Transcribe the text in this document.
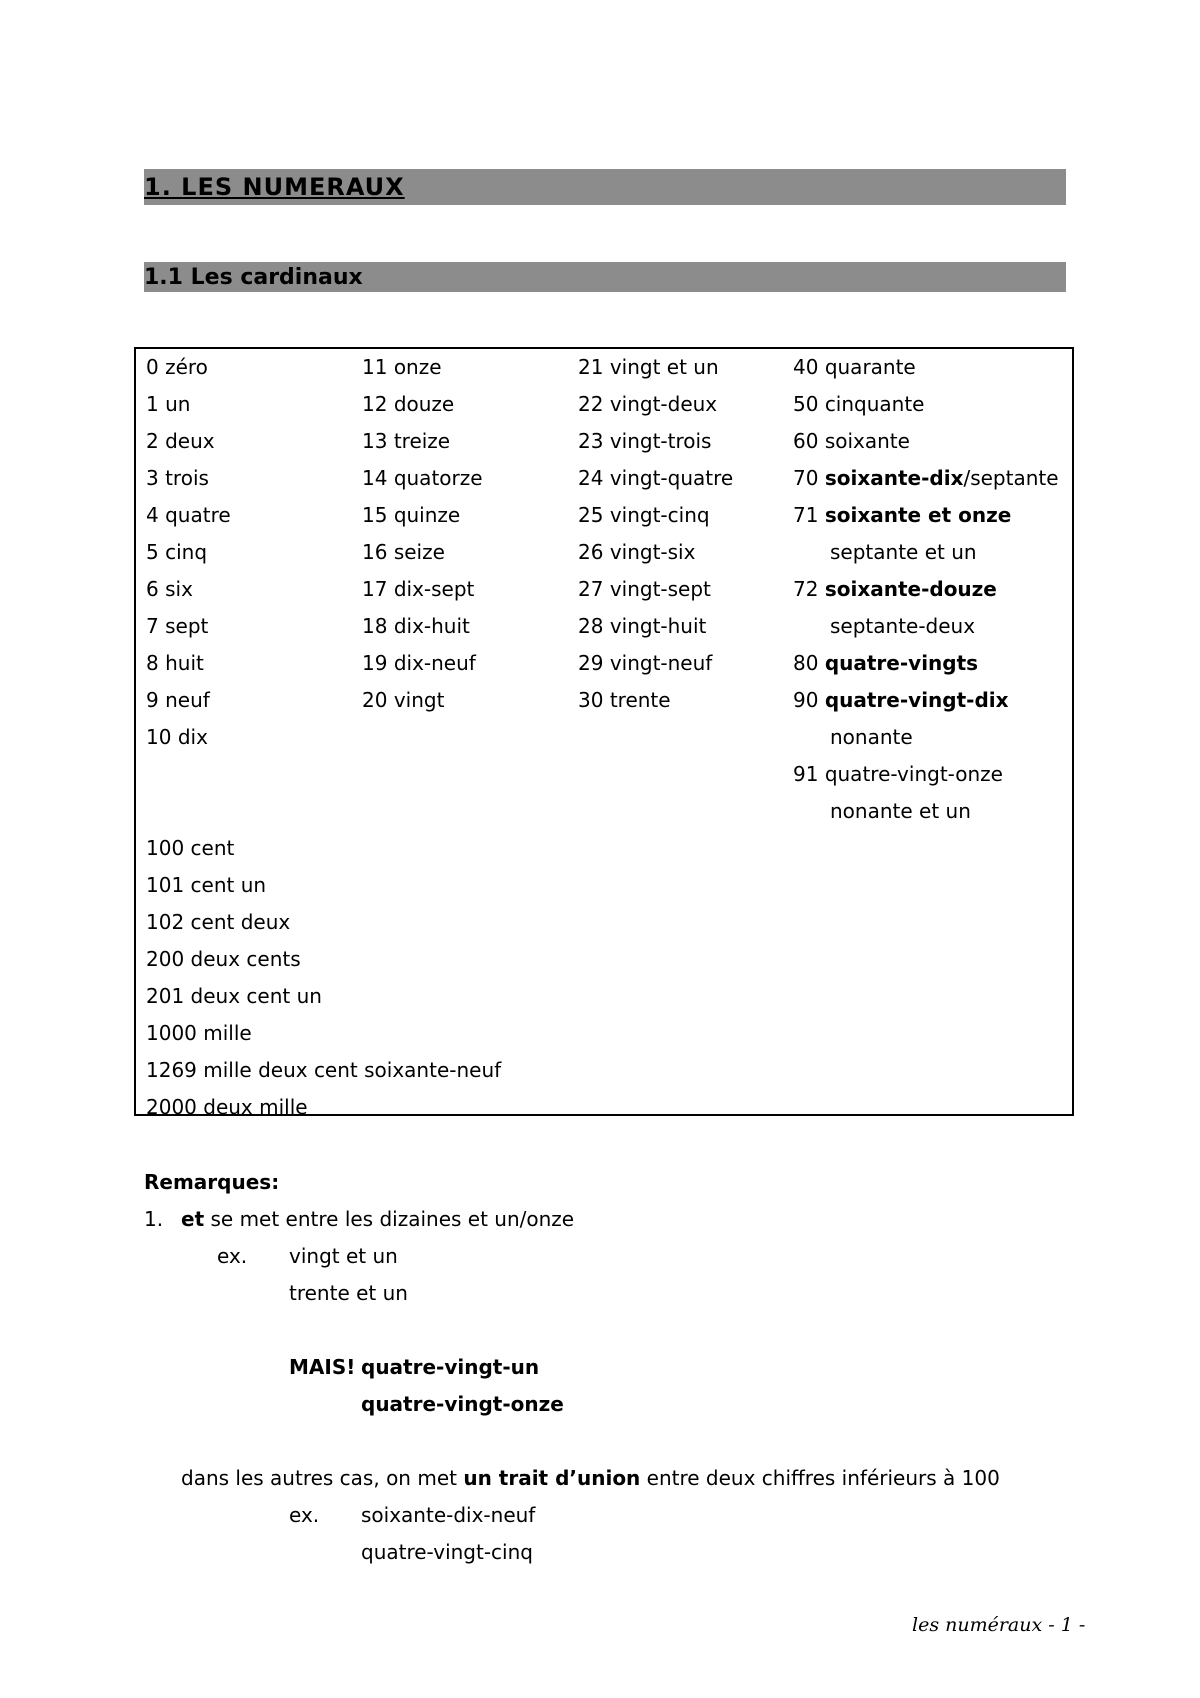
1. LES NUMERAUX
1.1 Les cardinaux
0 zéro
1 un
2 deux
3 trois
4 quatre
5 cinq
6 six
7 sept
8 huit
9 neuf
10 dix
11 onze
12 douze
13 treize
14 quatorze
15 quinze
16 seize
17 dix-sept
18 dix-huit
19 dix-neuf
20 vingt
21 vingt et un
22 vingt-deux
23 vingt-trois
24 vingt-quatre
25 vingt-cinq
26 vingt-six
27 vingt-sept
28 vingt-huit
29 vingt-neuf
30 trente
40 quarante
50 cinquante
60 soixante
70 soixante-dix/septante
71 soixante et onze
septante et un
72 soixante-douze
septante-deux
80 quatre-vingts
90 quatre-vingt-dix
nonante
91 quatre-vingt-onze
nonante et un
100 cent
101 cent un
102 cent deux
200 deux cents
201 deux cent un
1000 mille
1269 mille deux cent soixante-neuf
2000 deux mille
Remarques:
1. et se met entre les dizaines et un/onze
ex. vingt et un
trente et un
MAIS! quatre-vingt-un
quatre-vingt-onze
dans les autres cas, on met un trait d’union entre deux chiffres inférieurs à 100
ex. soixante-dix-neuf
quatre-vingt-cinq
les numéraux - 1 -
